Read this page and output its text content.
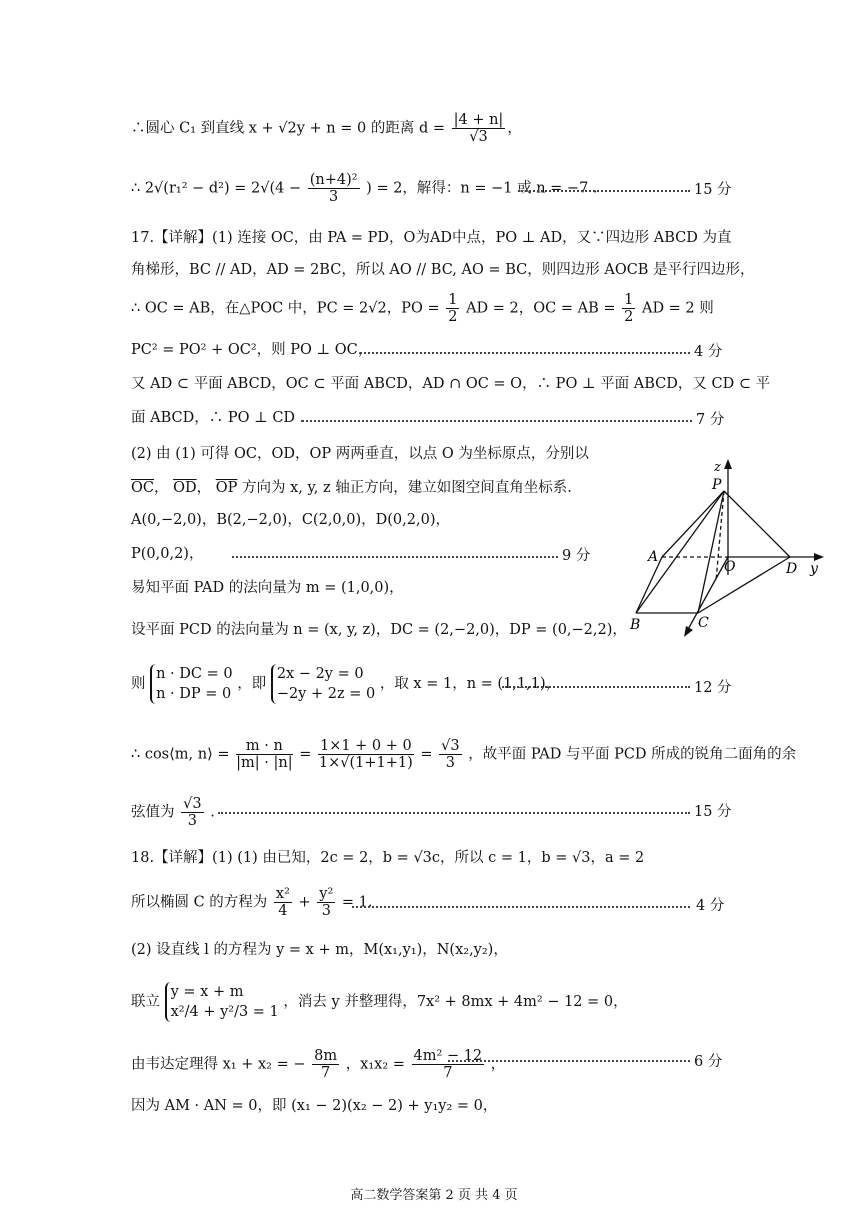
∴圆心 C₁ 到直线 x + √2y + n = 0 的距离 $d = \frac{|4 + n|}{√3}$ ，
∴ $2√(r_1^2 - d^2) = 2√(4 - \frac{\text{(n+4)²}}{3}$ ) = 2，解得：n = −1 或 n = −7 .	15 分
17.【详解】(1) 连接 OC，由 PA = PD，O为AD中点，PO ⊥ AD，又∵四边形 ABCD 为直
角梯形，BC // AD，AD = 2BC，所以 AO // BC, AO = BC，则四边形 AOCB 是平行四边形，
∴ OC = AB，在△POC 中，PC = 2√2，PO = $\frac{1}{2}$ AD = 2，OC = AB = $\frac{1}{2}$ AD = 2 则
PC² = PO² + OC²，则 PO ⊥ OC，	4 分
又 AD ⊂ 平面 ABCD，OC ⊂ 平面 ABCD，AD ∩ OC = O，∴ PO ⊥ 平面 ABCD，又 CD ⊂ 平
面 ABCD，∴ PO ⊥ CD .	7 分
(2) 由 (1) 可得 OC，OD，OP 两两垂直，以点 O 为坐标原点，分别以
$\overline{OC}$， $\overline{OD}$， $\overline{OP}$ 方向为 x, y, z 轴正方向，建立如图空间直角坐标系.
A(0,−2,0)，B(2,−2,0)，C(2,0,0)，D(0,2,0)，
P(0,0,2)，	9 分
易知平面 PAD 的法向量为 m = (1,0,0)，
设平面 PCD 的法向量为 n = (x, y, z)，DC = (2,−2,0)，DP = (0,−2,2)，
则 n · DC = 0
n · DP = 0 ，即 2x − 2y = 0
−2y + 2z = 0 ，取 x = 1，n = (1,1,1)，	12 分
∴ cos⟨m, n⟩ = $\frac{m \cdot n}{|m| \cdot |n|} = \frac{1\times 1 + 0 + 0}{1\times√(1+1+1)} = \frac{√3}{3}$ ，故平面 PAD 与平面 PCD 所成的锐角二面角的余
弦值为 $\frac{√3}{3}$ .	15 分
18.【详解】(1) (1) 由已知，2c = 2，b = √3c，所以 c = 1，b = √3，a = 2
所以椭圆 C 的方程为 $\frac{\text{x²}}{4} + \frac{\text{y²}}{3} = 1$.	4 分
(2) 设直线 l 的方程为 y = x + m，M(x₁,y₁)，N(x₂,y₂)，
联立 y = x + m
x²/4 + y²/3 = 1 ，消去 y 并整理得，7x² + 8mx + 4m² − 12 = 0，
由韦达定理得 x₁ + x₂ = − $\frac{8m}{7}$ ，$x_1x_2 = \frac{\text{4m² − 12}}{7}$ ，	6 分
因为 AM · AN = 0，即 (x₁ − 2)(x₂ − 2) + y₁y₂ = 0，
z
P
A
O	D y
B	C
高二数学答案第 2 页 共 4 页
